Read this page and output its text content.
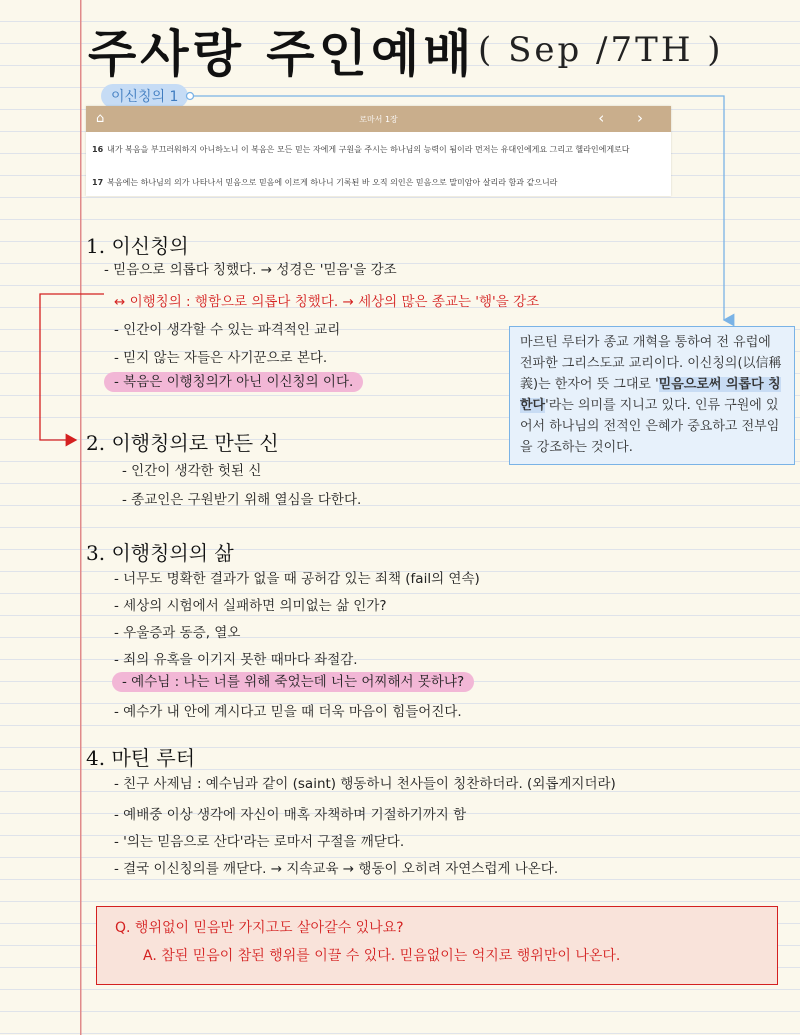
주사랑 주인예배 ( Sep /7TH )
이신칭의 1
⌂	로마서 1장	‹ ›
16 내가 복음을 부끄러워하지 아니하노니 이 복음은 모든 믿는 자에게 구원을 주시는 하나님의 능력이 됨이라 먼저는 유대인에게요 그리고 헬라인에게로다
17 복음에는 하나님의 의가 나타나서 믿음으로 믿음에 이르게 하나니 기록된 바 오직 의인은 믿음으로 말미암아 살리라 함과 같으니라
1. 이신칭의
- 믿음으로 의롭다 칭했다. → 성경은 '믿음'을 강조
↔ 이행칭의 : 행함으로 의롭다 칭했다. → 세상의 많은 종교는 '행'을 강조
- 인간이 생각할 수 있는 파격적인 교리
- 믿지 않는 자들은 사기꾼으로 본다.
- 복음은 이행칭의가 아닌 이신칭의 이다.
2. 이행칭의로 만든 신
- 인간이 생각한 헛된 신
- 종교인은 구원받기 위해 열심을 다한다.
3. 이행칭의의 삶
- 너무도 명확한 결과가 없을 때 공허감 있는 죄책 (fail의 연속)
- 세상의 시험에서 실패하면 의미없는 삶 인가?
- 우울증과 동증, 열오
- 죄의 유혹을 이기지 못한 때마다 좌절감.
- 예수님 : 나는 너를 위해 죽었는데 너는 어찌해서 못하냐?
- 예수가 내 안에 계시다고 믿을 때 더욱 마음이 힘들어진다.
4. 마틴 루터
- 친구 사제님 : 예수님과 같이 (saint) 행동하니 천사들이 칭찬하더라. (외롭게지더라)
- 예배중 이상 생각에 자신이 매혹 자책하며 기절하기까지 함
- '의는 믿음으로 산다'라는 로마서 구절을 깨닫다.
- 결국 이신칭의를 깨닫다. → 지속교육 → 행동이 오히려 자연스럽게 나온다.
마르틴 루터가 종교 개혁을 통하여 전 유럽에 전파한 그리스도교 교리이다. 이신칭의(以信稱義)는 한자어 뜻 그대로 '믿음으로써 의롭다 칭한다'라는 의미를 지니고 있다. 인류 구원에 있어서 하나님의 전적인 은혜가 중요하고 전부임을 강조하는 것이다.
Q. 행위없이 믿음만 가지고도 살아갈수 있나요?
A. 참된 믿음이 참된 행위를 이끌 수 있다. 믿음없이는 억지로 행위만이 나온다.
